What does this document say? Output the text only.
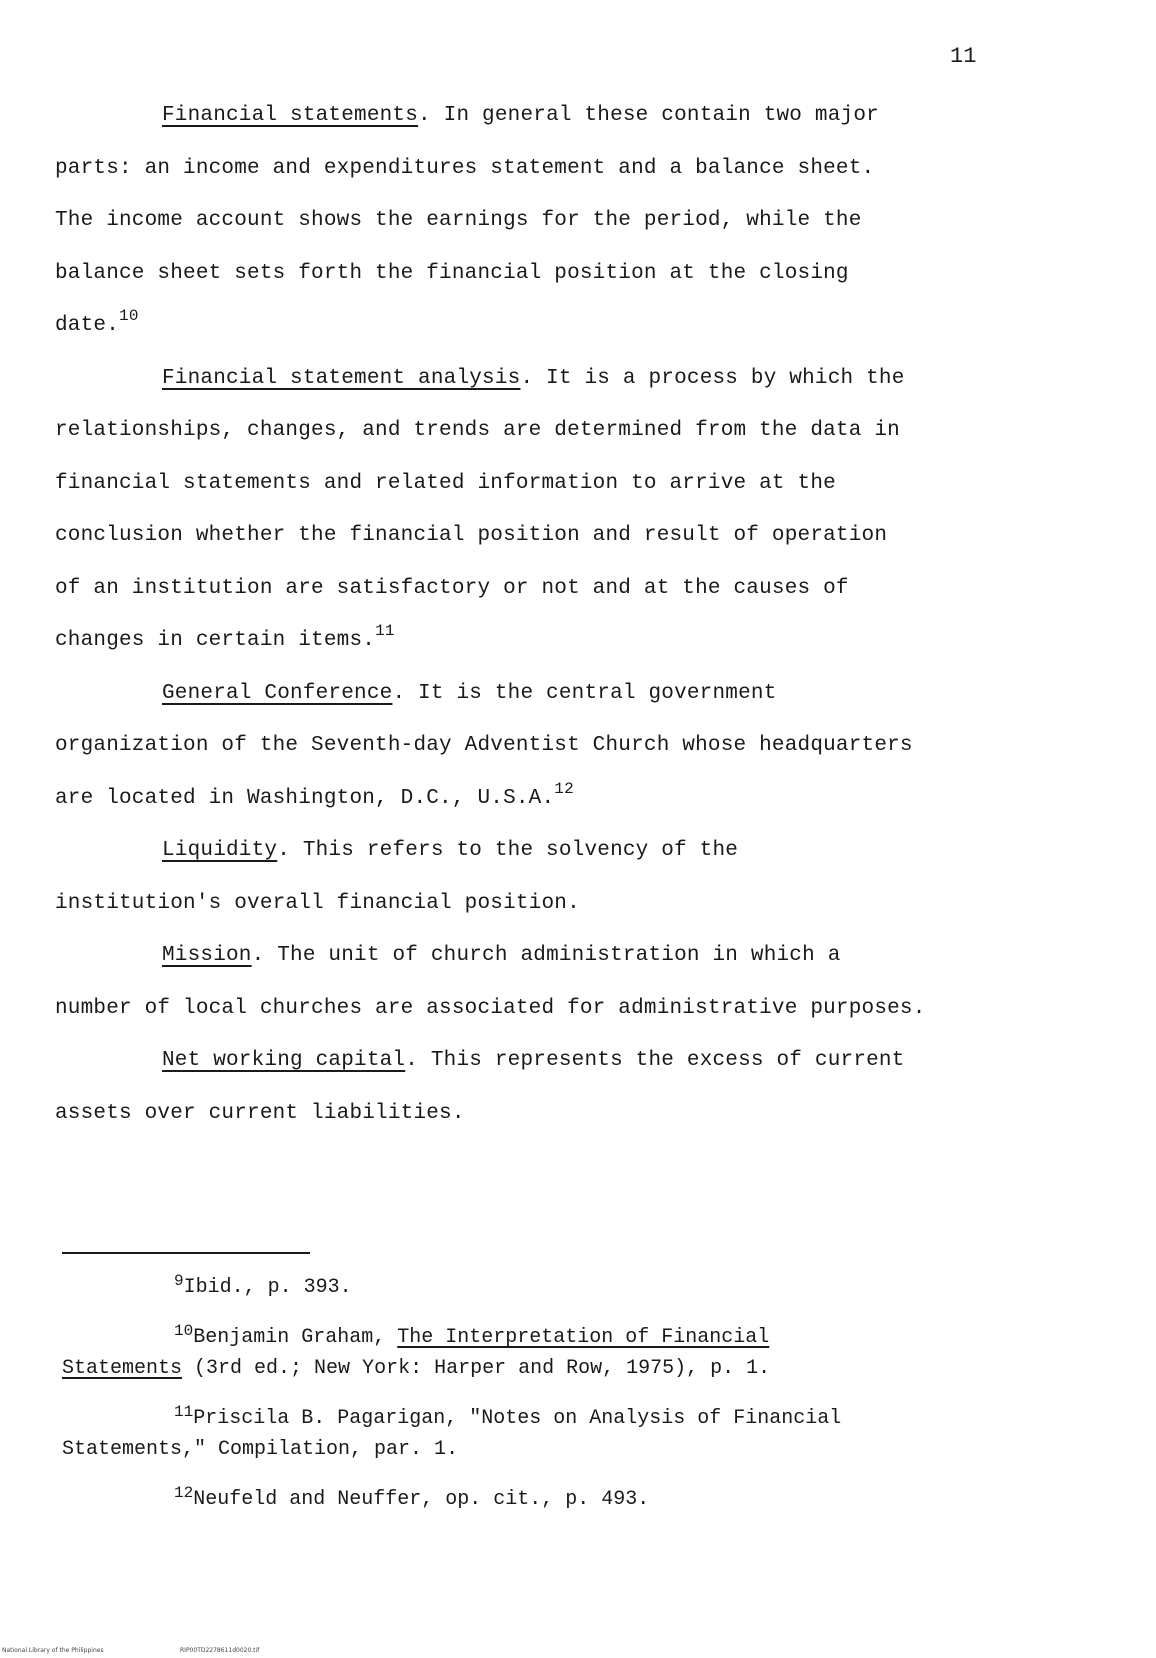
11
Financial statements. In general these contain two major
parts: an income and expenditures statement and a balance sheet.
The income account shows the earnings for the period, while the
balance sheet sets forth the financial position at the closing
date.$^{10}$
Financial statement analysis. It is a process by which the
relationships, changes, and trends are determined from the data in
financial statements and related information to arrive at the
conclusion whether the financial position and result of operation
of an institution are satisfactory or not and at the causes of
changes in certain items.$^{11}$
General Conference. It is the central government
organization of the Seventh-day Adventist Church whose headquarters
are located in Washington, D.C., U.S.A.$^{12}$
Liquidity. This refers to the solvency of the
institution's overall financial position.
Mission. The unit of church administration in which a
number of local churches are associated for administrative purposes.
Net working capital. This represents the excess of current
assets over current liabilities.
$^9$Ibid., p. 393.
$^{10}$Benjamin Graham, The Interpretation of Financial
Statements (3rd ed.; New York: Harper and Row, 1975), p. 1.
$^{11}$Priscila B. Pagarigan, "Notes on Analysis of Financial
Statements," Compilation, par. 1.
$^{12}$Neufeld and Neuffer, op. cit., p. 493.
National Library of the Philippines	RIP00TD2278611d0020.tif
